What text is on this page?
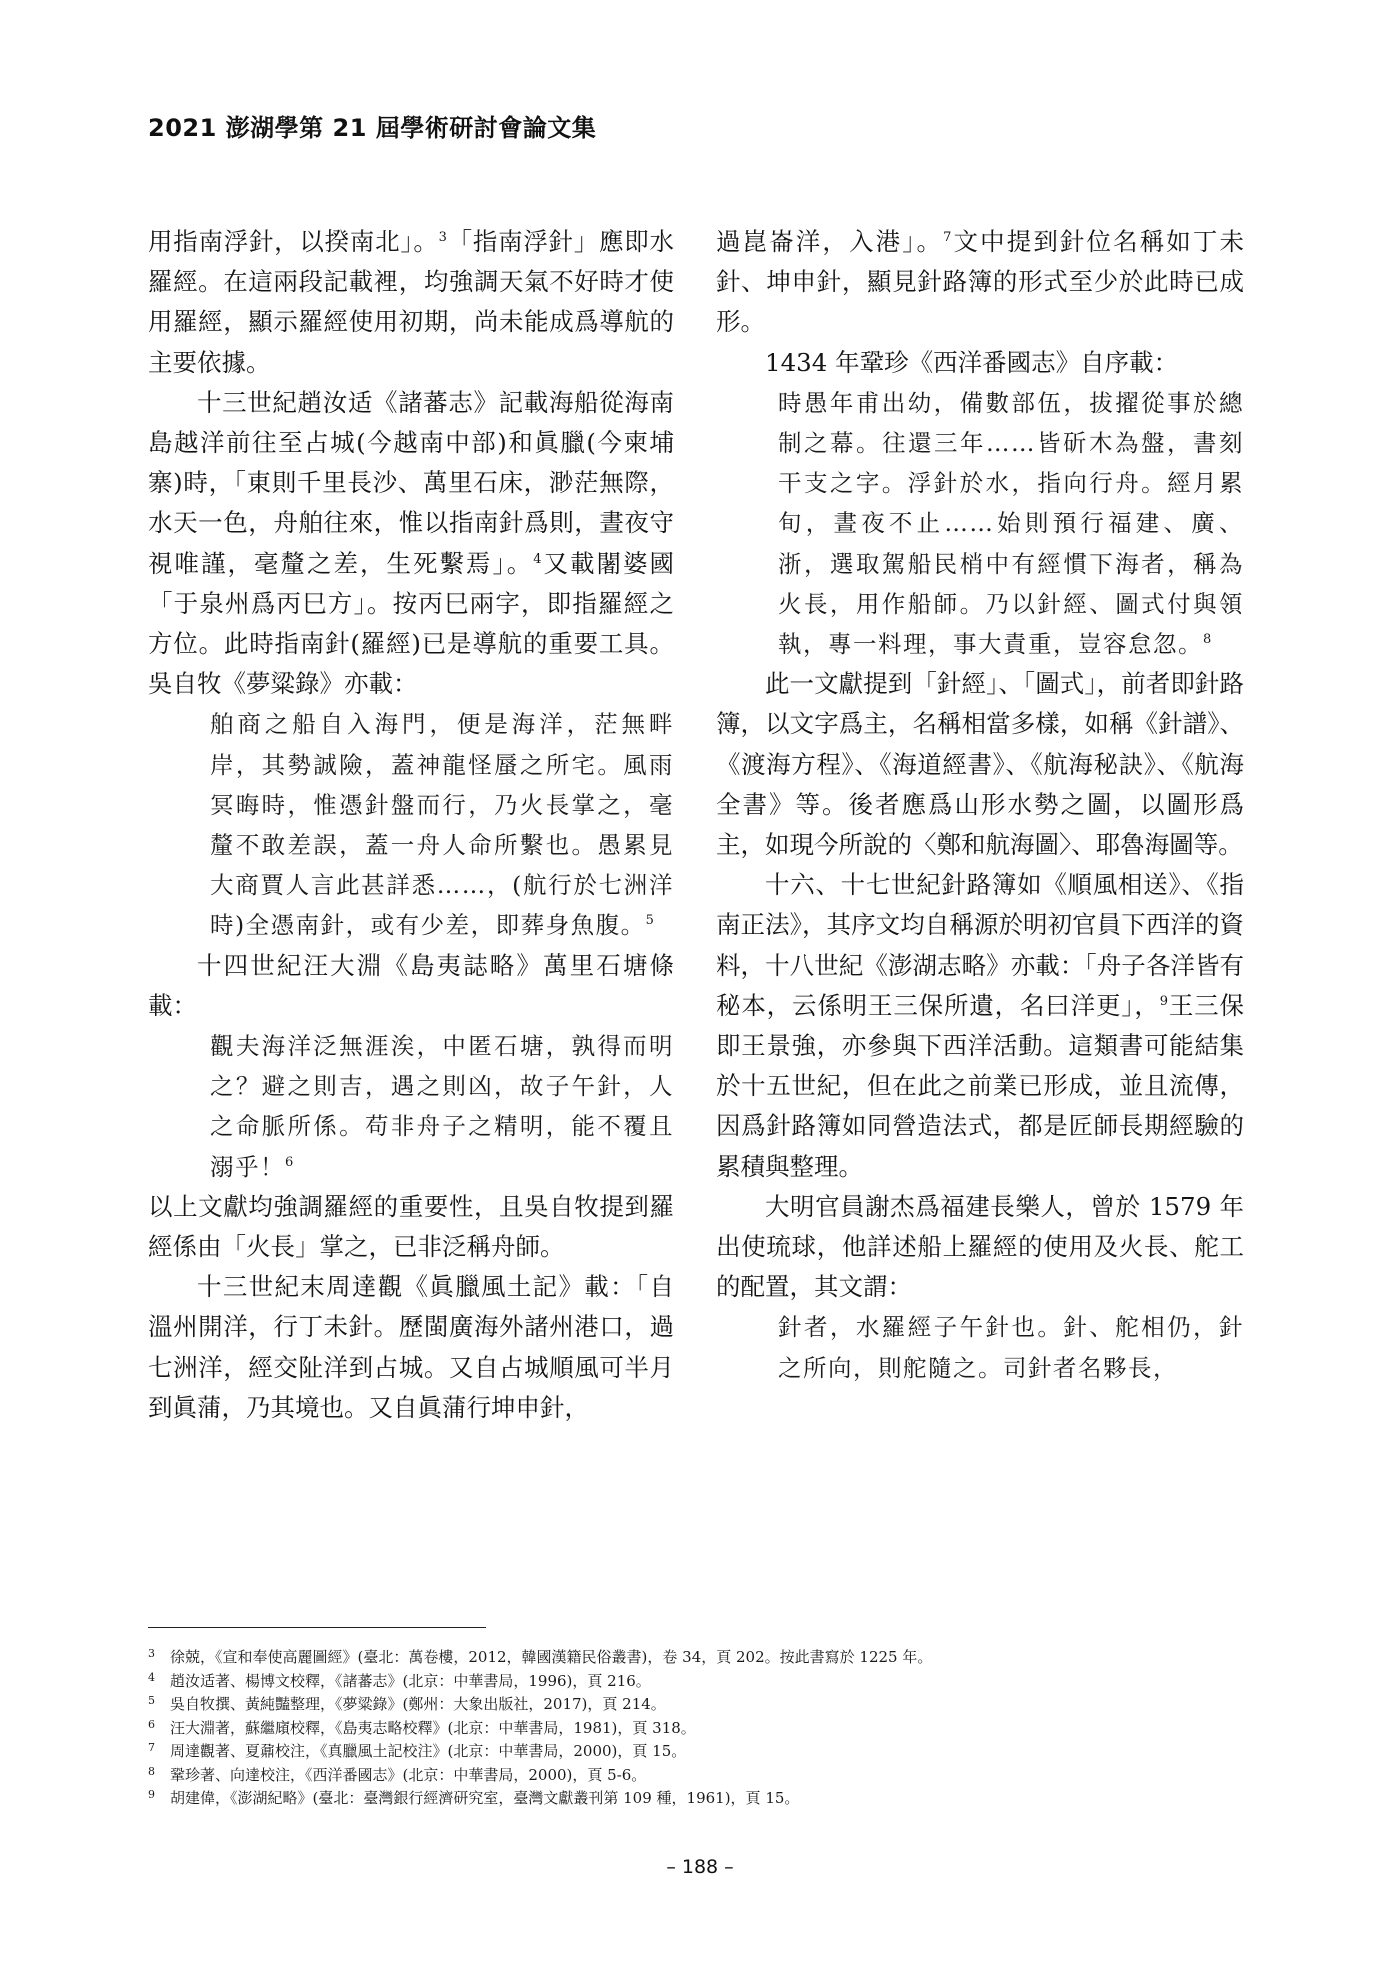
2021 澎湖學第 21 屆學術研討會論文集

用指南浮針，以揆南北」。$^3$「指南浮針」應即水羅經。在這兩段記載裡，均強調天氣不好時才使用羅經，顯示羅經使用初期，尚未能成爲導航的主要依據。

十三世紀趙汝适《諸蕃志》記載海船從海南島越洋前往至占城(今越南中部)和眞臘(今柬埔寨)時，「東則千里長沙、萬里石床，渺茫無際，水天一色，舟舶往來，惟以指南針爲則，晝夜守視唯謹，毫釐之差，生死繫焉」。$^4$又載闍婆國「于泉州爲丙巳方」。按丙巳兩字，即指羅經之方位。此時指南針(羅經)已是導航的重要工具。吳自牧《夢粱錄》亦載：

舶商之船自入海門，便是海洋，茫無畔岸，其勢誠險，蓋神龍怪蜃之所宅。風雨冥晦時，惟憑針盤而行，乃火長掌之，毫釐不敢差誤，蓋一舟人命所繫也。愚累見大商賈人言此甚詳悉……，(航行於七洲洋時)全憑南針，或有少差，即葬身魚腹。$^5$

十四世紀汪大淵《島夷誌略》萬里石塘條載：

觀夫海洋泛無涯涘，中匿石塘，孰得而明之？避之則吉，遇之則凶，故子午針，人之命脈所係。苟非舟子之精明，能不覆且溺乎！$^6$

以上文獻均強調羅經的重要性，且吳自牧提到羅經係由「火長」掌之，已非泛稱舟師。

十三世紀末周達觀《眞臘風土記》載：「自溫州開洋，行丁未針。歷閩廣海外諸州港口，過七洲洋，經交阯洋到占城。又自占城順風可半月到眞蒲，乃其境也。又自眞蒲行坤申針，

過崑崙洋，入港」。$^7$文中提到針位名稱如丁未針、坤申針，顯見針路簿的形式至少於此時已成形。

1434 年鞏珍《西洋番國志》自序載：

時愚年甫出幼，備數部伍，拔擢從事於總制之幕。往還三年……皆斫木為盤，書刻干支之字。浮針於水，指向行舟。經月累旬，晝夜不止……始則預行福建、廣、浙，選取駕船民梢中有經慣下海者，稱為火長，用作船師。乃以針經、圖式付與領執，專一料理，事大責重，豈容怠忽。$^8$

此一文獻提到「針經」、「圖式」，前者即針路簿，以文字爲主，名稱相當多樣，如稱《針譜》、《渡海方程》、《海道經書》、《航海秘訣》、《航海全書》等。後者應爲山形水勢之圖，以圖形爲主，如現今所說的〈鄭和航海圖〉、耶魯海圖等。

十六、十七世紀針路簿如《順風相送》、《指南正法》，其序文均自稱源於明初官員下西洋的資料，十八世紀《澎湖志略》亦載：「舟子各洋皆有秘本，云係明王三保所遺，名曰洋更」，$^9$王三保即王景強，亦參與下西洋活動。這類書可能結集於十五世紀，但在此之前業已形成，並且流傳，因爲針路簿如同營造法式，都是匠師長期經驗的累積與整理。

大明官員謝杰爲福建長樂人，曾於 1579 年出使琉球，他詳述船上羅經的使用及火長、舵工的配置，其文謂：

針者，水羅經子午針也。針、舵相仍，針之所向，則舵隨之。司針者名夥長，

3 徐兢，《宣和奉使高麗圖經》(臺北：萬卷樓，2012，韓國漢籍民俗叢書)，卷 34，頁 202。按此書寫於 1225 年。
4 趙汝适著、楊博文校釋，《諸蕃志》(北京：中華書局，1996)，頁 216。
5 吳自牧撰、黃純豔整理，《夢粱錄》(鄭州：大象出版社，2017)，頁 214。
6 汪大淵著，蘇繼廎校釋，《島夷志略校釋》(北京：中華書局，1981)，頁 318。
7 周達觀著、夏鼐校注，《真臘風土記校注》(北京：中華書局，2000)，頁 15。
8 鞏珍著、向達校注，《西洋番國志》(北京：中華書局，2000)，頁 5-6。
9 胡建偉，《澎湖紀略》(臺北：臺灣銀行經濟研究室，臺灣文獻叢刊第 109 種，1961)，頁 15。
– 188 –
